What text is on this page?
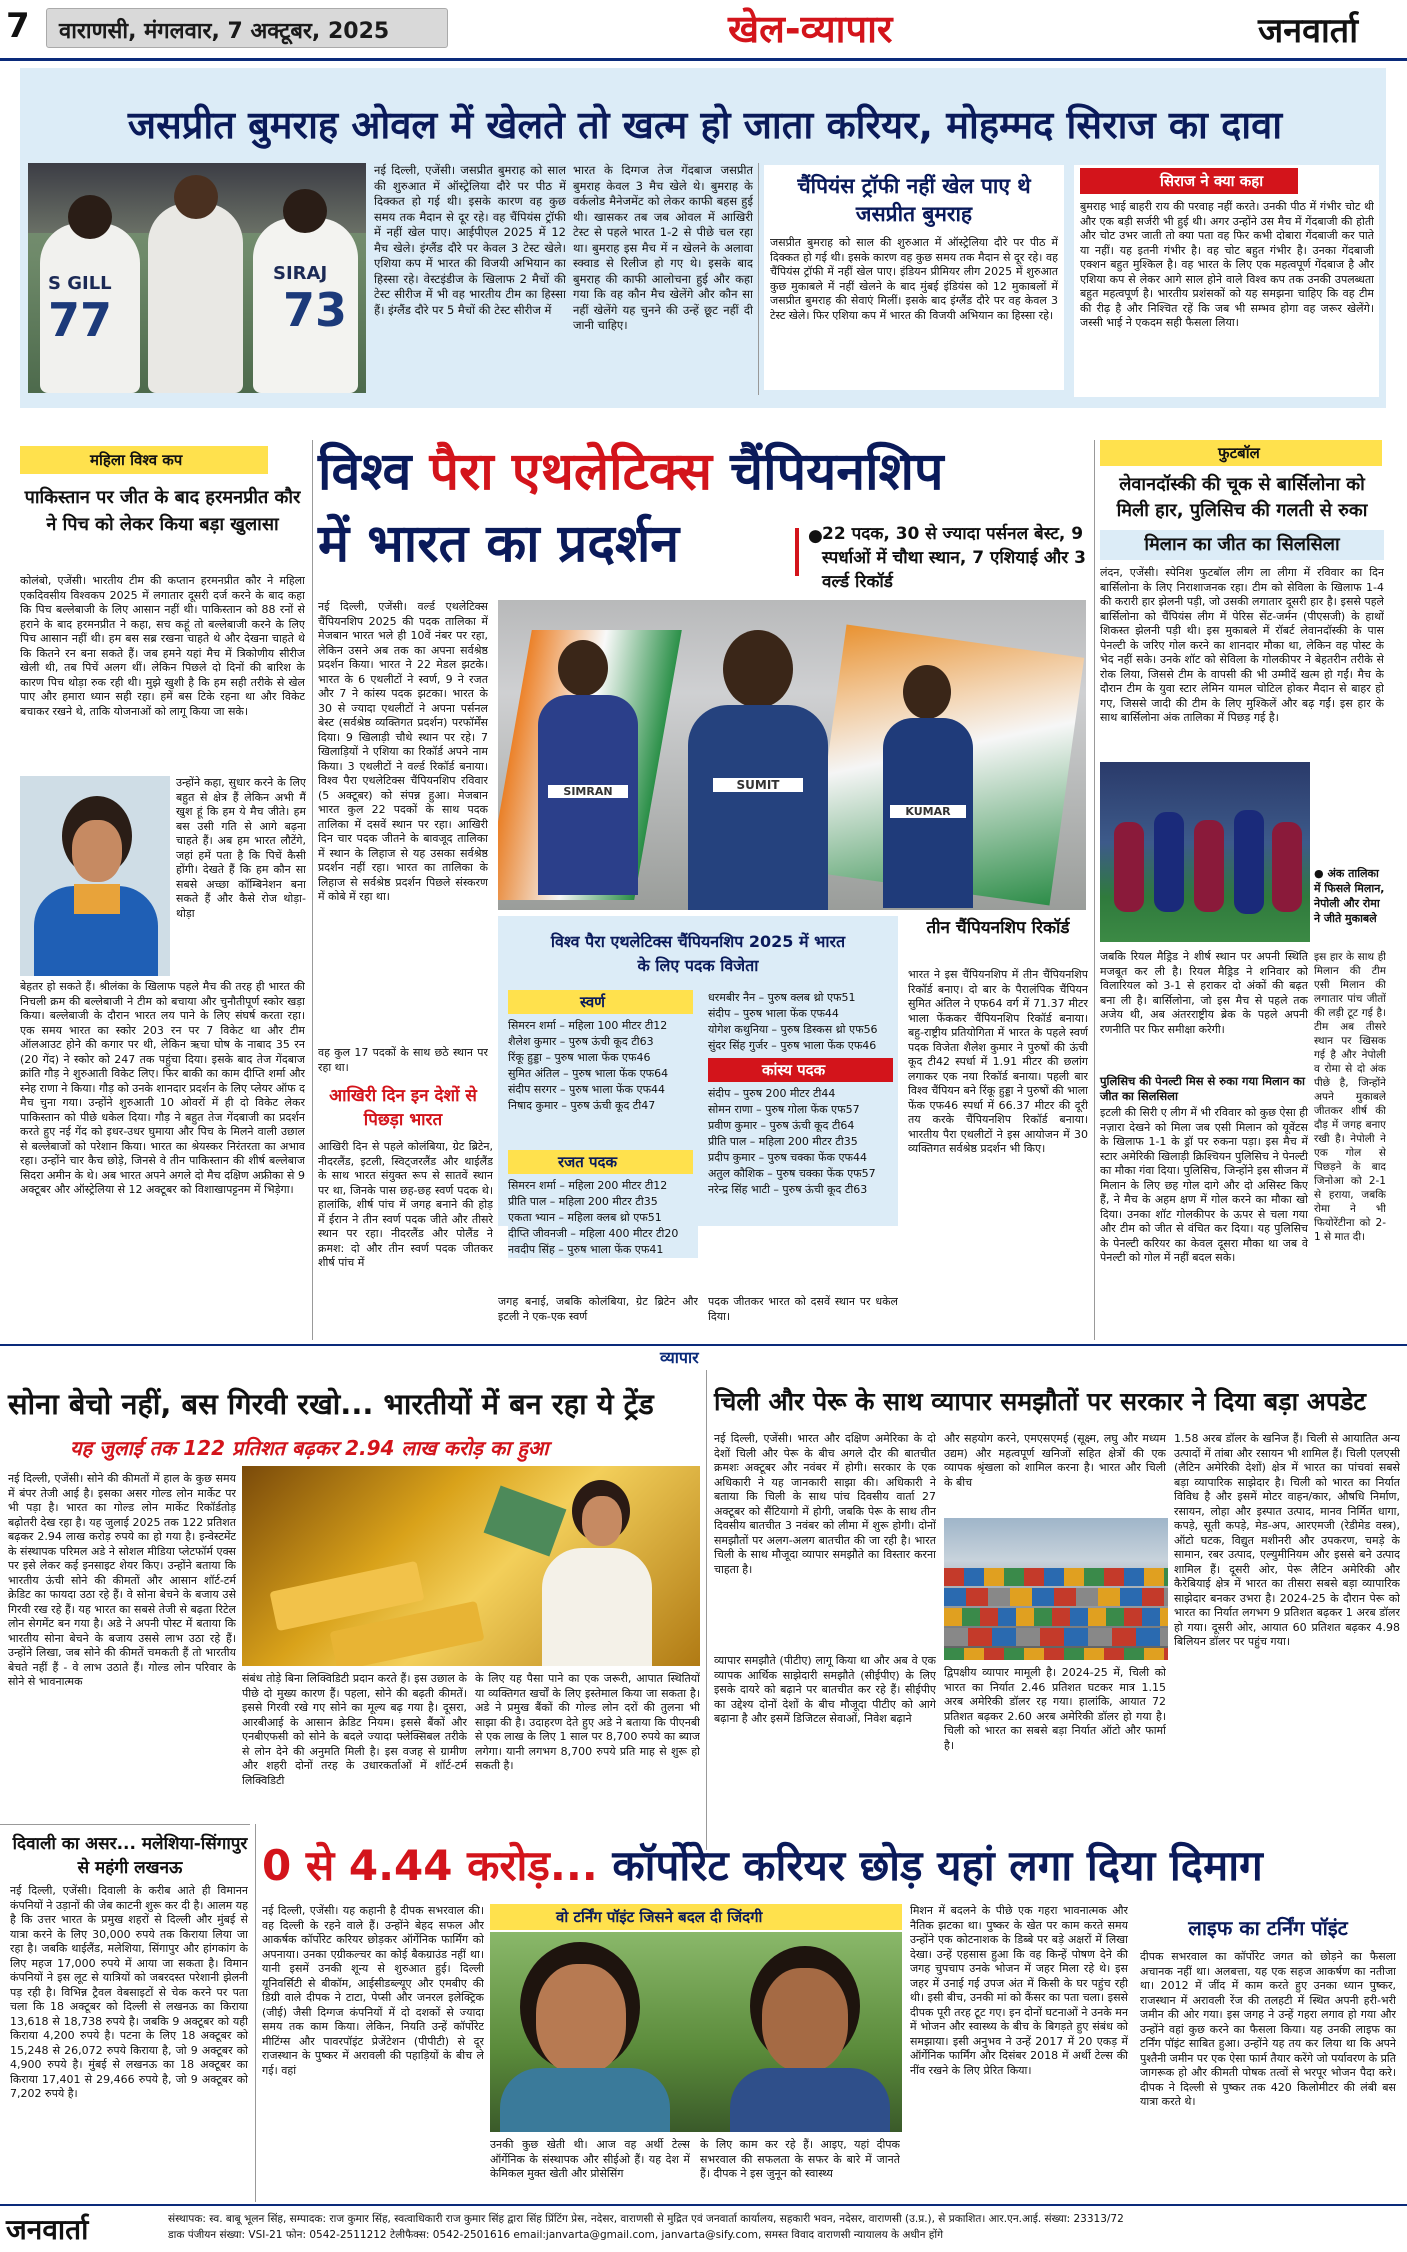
7 वाराणसी, मंगलवार, 7 अक्टूबर, 2025	खेल-व्यापार	जनवार्ता
जसप्रीत बुमराह ओवल में खेलते तो खत्म हो जाता करियर, मोहम्मद सिराज का दावा
S GILL
77
SIRAJ
73
नई दिल्ली, एजेंसी। जसप्रीत बुमराह को साल की शुरुआत में ऑस्ट्रेलिया दौरे पर पीठ में दिक्कत हो गई थी। इसके कारण वह कुछ समय तक मैदान से दूर रहे। वह चैंपियंस ट्रॉफी में नहीं खेल पाए। आईपीएल 2025 में 12 मैच खेले। इंग्लैंड दौरे पर केवल 3 टेस्ट खेले। एशिया कप में भारत की विजयी अभियान का हिस्सा रहे। वेस्टइंडीज के खिलाफ 2 मैचों की टेस्ट सीरीज में भी वह भारतीय टीम का हिस्सा हैं। इंग्लैंड दौरे पर 5 मैचों की टेस्ट सीरीज में
भारत के दिग्गज तेज गेंदबाज जसप्रीत बुमराह केवल 3 मैच खेले थे। बुमराह के वर्कलोड मैनेजमेंट को लेकर काफी बहस हुई थी। खासकर तब जब ओवल में आखिरी टेस्ट से पहले भारत 1-2 से पीछे चल रहा था। बुमराह इस मैच में न खेलने के अलावा स्क्वाड से रिलीज हो गए थे। इसके बाद बुमराह की काफी आलोचना हुई और कहा गया कि वह कौन मैच खेलेंगे और कौन सा नहीं खेलेंगे यह चुनने की उन्हें छूट नहीं दी जानी चाहिए।
चैंपियंस ट्रॉफी नहीं खेल पाए थे जसप्रीत बुमराह
जसप्रीत बुमराह को साल की शुरुआत में ऑस्ट्रेलिया दौरे पर पीठ में दिक्कत हो गई थी। इसके कारण वह कुछ समय तक मैदान से दूर रहे। वह चैंपियंस ट्रॉफी में नहीं खेल पाए। इंडियन प्रीमियर लीग 2025 में शुरुआत कुछ मुकाबले में नहीं खेलने के बाद मुंबई इंडियंस को 12 मुकाबलों में जसप्रीत बुमराह की सेवाएं मिलीं। इसके बाद इंग्लैंड दौरे पर वह केवल 3 टेस्ट खेले। फिर एशिया कप में भारत की विजयी अभियान का हिस्सा रहे।
सिराज ने क्या कहा
बुमराह भाई बाहरी राय की परवाह नहीं करते। उनकी पीठ में गंभीर चोट थी और एक बड़ी सर्जरी भी हुई थी। अगर उन्होंने उस मैच में गेंदबाजी की होती और चोट उभर जाती तो क्या पता वह फिर कभी दोबारा गेंदबाजी कर पाते या नहीं। यह इतनी गंभीर है। वह चोट बहुत गंभीर है। उनका गेंदबाजी एक्शन बहुत मुश्किल है। वह भारत के लिए एक महत्वपूर्ण गेंदबाज है और एशिया कप से लेकर आगे साल होने वाले विश्व कप तक उनकी उपलब्धता बहुत महत्वपूर्ण है। भारतीय प्रशंसकों को यह समझना चाहिए कि वह टीम की रीढ़ है और निश्चित रहें कि जब भी सम्भव होगा वह जरूर खेलेंगे। जस्सी भाई ने एकदम सही फैसला लिया।
महिला विश्व कप
पाकिस्तान पर जीत के बाद हरमनप्रीत कौर ने पिच को लेकर किया बड़ा खुलासा
कोलंबो, एजेंसी। भारतीय टीम की कप्तान हरमनप्रीत कौर ने महिला एकदिवसीय विश्वकप 2025 में लगातार दूसरी दर्ज करने के बाद कहा कि पिच बल्लेबाजी के लिए आसान नहीं थी। पाकिस्तान को 88 रनों से हराने के बाद हरमनप्रीत ने कहा, सच कहूं तो बल्लेबाजी करने के लिए पिच आसान नहीं थी। हम बस सब्र रखना चाहते थे और देखना चाहते थे कि कितने रन बना सकते हैं। जब हमने यहां मैच में त्रिकोणीय सीरीज खेली थी, तब पिचें अलग थीं। लेकिन पिछले दो दिनों की बारिश के कारण पिच थोड़ा रुक रही थी। मुझे खुशी है कि हम सही तरीके से खेल पाए और हमारा ध्यान सही रहा। हमें बस टिके रहना था और विकेट बचाकर रखने थे, ताकि योजनाओं को लागू किया जा सके।
उन्होंने कहा, सुधार करने के लिए बहुत से क्षेत्र हैं लेकिन अभी मैं खुश हूं कि हम ये मैच जीते। हम बस उसी गति से आगे बढ़ना चाहते हैं। अब हम भारत लौटेंगे, जहां हमें पता है कि पिचें कैसी होंगी। देखते हैं कि हम कौन सा सबसे अच्छा कॉम्बिनेशन बना सकते हैं और कैसे रोज थोड़ा-थोड़ा
बेहतर हो सकते हैं। श्रीलंका के खिलाफ पहले मैच की तरह ही भारत की निचली क्रम की बल्लेबाजी ने टीम को बचाया और चुनौतीपूर्ण स्कोर खड़ा किया। बल्लेबाजी के दौरान भारत लय पाने के लिए संघर्ष करता रहा। एक समय भारत का स्कोर 203 रन पर 7 विकेट था और टीम ऑलआउट होने की कगार पर थी, लेकिन ऋचा घोष के नाबाद 35 रन (20 गेंद) ने स्कोर को 247 तक पहुंचा दिया। इसके बाद तेज गेंदबाज क्रांति गौड़ ने शुरुआती विकेट लिए। फिर बाकी का काम दीप्ति शर्मा और स्नेह राणा ने किया। गौड़ को उनके शानदार प्रदर्शन के लिए प्लेयर ऑफ द मैच चुना गया। उन्होंने शुरुआती 10 ओवरों में ही दो विकेट लेकर पाकिस्तान को पीछे धकेल दिया। गौड़ ने बहुत तेज गेंदबाजी का प्रदर्शन करते हुए नई गेंद को इधर-उधर घुमाया और पिच के मिलने वाली उछाल से बल्लेबाजों को परेशान किया। भारत का श्रेयस्कर निरंतरता का अभाव रहा। उन्होंने चार कैच छोड़े, जिनसे वे तीन पाकिस्तान की शीर्ष बल्लेबाज सिदरा अमीन के थे। अब भारत अपने अगले दो मैच दक्षिण अफ्रीका से 9 अक्टूबर और ऑस्ट्रेलिया से 12 अक्टूबर को विशाखापट्टनम में भिड़ेगा।
विश्व पैरा एथलेटिक्स चैंपियनशिप
में भारत का प्रदर्शन	● 22 पदक, 30 से ज्यादा पर्सनल बेस्ट, 9 स्पर्धाओं में चौथा स्थान, 7 एशियाई और 3 वर्ल्ड रिकॉर्ड
नई दिल्ली, एजेंसी। वर्ल्ड एथलेटिक्स चैंपियनशिप 2025 की पदक तालिका में मेजबान भारत भले ही 10वें नंबर पर रहा, लेकिन उसने अब तक का अपना सर्वश्रेष्ठ प्रदर्शन किया। भारत ने 22 मेडल झटके। भारत के 6 एथलीटों ने स्वर्ण, 9 ने रजत और 7 ने कांस्य पदक झटका। भारत के 30 से ज्यादा एथलीटों ने अपना पर्सनल बेस्ट (सर्वश्रेष्ठ व्यक्तिगत प्रदर्शन) परफॉर्मेंस दिया। 9 खिलाड़ी चौथे स्थान पर रहे। 7 खिलाड़ियों ने एशिया का रिकॉर्ड अपने नाम किया। 3 एथलीटों ने वर्ल्ड रिकॉर्ड बनाया। विश्व पैरा एथलेटिक्स चैंपियनशिप रविवार (5 अक्टूबर) को संपन्न हुआ। मेजबान भारत कुल 22 पदकों के साथ पदक तालिका में दसवें स्थान पर रहा। आखिरी दिन चार पदक जीतने के बावजूद तालिका में स्थान के लिहाज से यह उसका सर्वश्रेष्ठ प्रदर्शन नहीं रहा। भारत का तालिका के लिहाज से सर्वश्रेष्ठ प्रदर्शन पिछले संस्करण में कोबे में रहा था।
वह कुल 17 पदकों के साथ छठे स्थान पर रहा था।
SIMRAN	SUMIT
KUMAR
विश्व पैरा एथलेटिक्स चैंपियनशिप 2025 में भारत के लिए पदक विजेता
स्वर्ण
सिमरन शर्मा – महिला 100 मीटर टी12
शैलेश कुमार – पुरुष ऊंची कूद टी63
रिंकू हुड्डा – पुरुष भाला फेंक एफ46
सुमित अंतिल – पुरुष भाला फेंक एफ64
संदीप सरगर – पुरुष भाला फेंक एफ44
निषाद कुमार – पुरुष ऊंची कूद टी47
रजत पदक
सिमरन शर्मा – महिला 200 मीटर टी12
प्रीति पाल – महिला 200 मीटर टी35
एकता भ्यान – महिला क्लब थ्रो एफ51
दीप्ति जीवनजी – महिला 400 मीटर टी20
नवदीप सिंह – पुरुष भाला फेंक एफ41
धरमबीर नैन – पुरुष क्लब थ्रो एफ51
संदीप – पुरुष भाला फेंक एफ44
योगेश कथुनिया – पुरुष डिस्कस थ्रो एफ56
सुंदर सिंह गुर्जर – पुरुष भाला फेंक एफ46
कांस्य पदक
संदीप – पुरुष 200 मीटर टी44
सोमन राणा – पुरुष गोला फेंक एफ57
प्रवीण कुमार – पुरुष ऊंची कूद टी64
प्रीति पाल – महिला 200 मीटर टी35
प्रदीप कुमार – पुरुष चक्का फेंक एफ44
अतुल कौशिक – पुरुष चक्का फेंक एफ57
नरेन्द्र सिंह भाटी – पुरुष ऊंची कूद टी63
आखिरी दिन इन देशों से पिछड़ा भारत
आखिरी दिन से पहले कोलंबिया, ग्रेट ब्रिटेन, नीदरलैंड, इटली, स्विट्जरलैंड और थाईलैंड के साथ भारत संयुक्त रूप से सातवें स्थान पर था, जिनके पास छह-छह स्वर्ण पदक थे। हालांकि, शीर्ष पांच में जगह बनाने की होड़ में ईरान ने तीन स्वर्ण पदक जीते और तीसरे स्थान पर रहा। नीदरलैंड और पोलैंड ने क्रमश: दो और तीन स्वर्ण पदक जीतकर शीर्ष पांच में
जगह बनाई, जबकि कोलंबिया, ग्रेट ब्रिटेन और इटली ने एक-एक स्वर्ण
पदक जीतकर भारत को दसवें स्थान पर धकेल दिया।
तीन चैंपियनशिप रिकॉर्ड
भारत ने इस चैंपियनशिप में तीन चैंपियनशिप रिकॉर्ड बनाए। दो बार के पैरालंपिक चैंपियन सुमित अंतिल ने एफ64 वर्ग में 71.37 मीटर भाला फेंककर चैंपियनशिप रिकॉर्ड बनाया। बहु-राष्ट्रीय प्रतियोगिता में भारत के पहले स्वर्ण पदक विजेता शैलेश कुमार ने पुरुषों की ऊंची कूद टी42 स्पर्धा में 1.91 मीटर की छलांग लगाकर एक नया रिकॉर्ड बनाया। पहली बार विश्व चैंपियन बने रिंकू हुड्डा ने पुरुषों की भाला फेंक एफ46 स्पर्धा में 66.37 मीटर की दूरी तय करके चैंपियनशिप रिकॉर्ड बनाया। भारतीय पैरा एथलीटों ने इस आयोजन में 30 व्यक्तिगत सर्वश्रेष्ठ प्रदर्शन भी किए।
फुटबॉल
लेवानदॉस्की की चूक से बार्सिलोना को मिली हार, पुलिसिच की गलती से रुका
मिलान का जीत का सिलसिला
लंदन, एजेंसी। स्पेनिश फुटबॉल लीग ला लीगा में रविवार का दिन बार्सिलोना के लिए निराशाजनक रहा। टीम को सेविला के खिलाफ 1-4 की करारी हार झेलनी पड़ी, जो उसकी लगातार दूसरी हार है। इससे पहले बार्सिलोना को चैंपियंस लीग में पेरिस सेंट-जर्मन (पीएसजी) के हाथों शिकस्त झेलनी पड़ी थी। इस मुकाबले में रॉबर्ट लेवानदॉस्की के पास पेनल्टी के जरिए गोल करने का शानदार मौका था, लेकिन वह पोस्ट के भेद नहीं सके। उनके शॉट को सेविला के गोलकीपर ने बेहतरीन तरीके से रोक लिया, जिससे टीम के वापसी की भी उम्मीदें खत्म हो गईं। मैच के दौरान टीम के युवा स्टार लेमिन यामल चोटिल होकर मैदान से बाहर हो गए, जिससे जादी की टीम के लिए मुश्किलें और बढ़ गईं। इस हार के साथ बार्सिलोना अंक तालिका में पिछड़ गई है।
● अंक तालिका में फिसले मिलान, नेपोली और रोमा ने जीते मुकाबले
इस हार के साथ ही मिलान की टीम एसी मिलान की लगातार पांच जीतों की लड़ी टूट गई है। टीम अब तीसरे स्थान पर खिसक गई है और नेपोली व रोमा से दो अंक पीछे है, जिन्होंने अपने मुकाबले जीतकर शीर्ष की दौड़ में जगह बनाए रखी है। नेपोली ने एक गोल से पिछड़ने के बाद जिनोआ को 2-1 से हराया, जबकि रोमा ने भी फियोरेंटीना को 2-1 से मात दी।
जबकि रियल मैड्रिड ने शीर्ष स्थान पर अपनी स्थिति मजबूत कर ली है। रियल मैड्रिड ने शनिवार को विलारियल को 3-1 से हराकर दो अंकों की बढ़त बना ली है। बार्सिलोना, जो इस मैच से पहले तक अजेय थी, अब अंतरराष्ट्रीय ब्रेक के पहले अपनी रणनीति पर फिर समीक्षा करेगी।
पुलिसिच की पेनल्टी मिस से रुका गया मिलान का जीत का सिलसिला
इटली की सिरी ए लीग में भी रविवार को कुछ ऐसा ही नज़ारा देखने को मिला जब एसी मिलान को यूवेंटस के खिलाफ 1-1 के ड्रॉ पर रुकना पड़ा। इस मैच में स्टार अमेरिकी खिलाड़ी क्रिश्चियन पुलिसिच ने पेनल्टी का मौका गंवा दिया। पुलिसिच, जिन्होंने इस सीजन में मिलान के लिए छह गोल दागे और दो असिस्ट किए हैं, ने मैच के अहम क्षण में गोल करने का मौका खो दिया। उनका शॉट गोलकीपर के ऊपर से चला गया और टीम को जीत से वंचित कर दिया। यह पुलिसिच के पेनल्टी करियर का केवल दूसरा मौका था जब वे पेनल्टी को गोल में नहीं बदल सके।
व्यापार
सोना बेचो नहीं, बस गिरवी रखो... भारतीयों में बन रहा ये ट्रेंड
यह जुलाई तक 122 प्रतिशत बढ़कर 2.94 लाख करोड़ का हुआ
नई दिल्ली, एजेंसी। सोने की कीमतों में हाल के कुछ समय में बंपर तेजी आई है। इसका असर गोल्ड लोन मार्केट पर भी पड़ा है। भारत का गोल्ड लोन मार्केट रिकॉर्डतोड़ बढ़ोतरी देख रहा है। यह जुलाई 2025 तक 122 प्रतिशत बढ़कर 2.94 लाख करोड़ रुपये का हो गया है। इन्वेस्टमेंट के संस्थापक परिमल अडे ने सोशल मीडिया प्लेटफॉर्म एक्स पर इसे लेकर कई इनसाइट शेयर किए। उन्होंने बताया कि भारतीय ऊंची सोने की कीमतों और आसान शॉर्ट-टर्म क्रेडिट का फायदा उठा रहे हैं। वे सोना बेचने के बजाय उसे गिरवी रख रहे हैं। यह भारत का सबसे तेजी से बढ़ता रिटेल लोन सेगमेंट बन गया है। अडे ने अपनी पोस्ट में बताया कि भारतीय सोना बेचने के बजाय उससे लाभ उठा रहे हैं। उन्होंने लिखा, जब सोने की कीमतें चमकती हैं तो भारतीय बेचते नहीं हैं - वे लाभ उठाते हैं। गोल्ड लोन परिवार के सोने से भावनात्मक	संबंध तोड़े बिना लिक्विडिटी प्रदान करते हैं। इस उछाल के पीछे दो मुख्य कारण हैं। पहला, सोने की बढ़ती कीमतें। इससे गिरवी रखे गए सोने का मूल्य बढ़ गया है। दूसरा, आरबीआई के आसान क्रेडिट नियम। इससे बैंकों और एनबीएफसी को सोने के बदले ज्यादा फ्लेक्सिबल तरीके से लोन देने की अनुमति मिली है। इस वजह से ग्रामीण और शहरी दोनों तरह के उधारकर्ताओं में शॉर्ट-टर्म लिक्विडिटी
के लिए यह पैसा पाने का एक जरूरी, आपात स्थितियों या व्यक्तिगत खर्चों के लिए इस्तेमाल किया जा सकता है। अडे ने प्रमुख बैंकों की गोल्ड लोन दरों की तुलना भी साझा की है। उदाहरण देते हुए अडे ने बताया कि पीएनबी से एक लाख के लिए 1 साल पर 8,700 रुपये का ब्याज लगेगा। यानी लगभग 8,700 रुपये प्रति माह से शुरू हो सकती है।
चिली और पेरू के साथ व्यापार समझौतों पर सरकार ने दिया बड़ा अपडेट
नई दिल्ली, एजेंसी। भारत और दक्षिण अमेरिका के दो देशों चिली और पेरू के बीच अगले दौर की बातचीत क्रमशः अक्टूबर और नवंबर में होगी। सरकार के एक अधिकारी ने यह जानकारी साझा की। अधिकारी ने बताया कि चिली के साथ पांच दिवसीय वार्ता 27 अक्टूबर को सैंटियागो में होगी, जबकि पेरू के साथ तीन दिवसीय बातचीत 3 नवंबर को लीमा में शुरू होगी। दोनों समझौतों पर अलग-अलग बातचीत की जा रही है। भारत चिली के साथ मौजूदा व्यापार समझौते का विस्तार करना चाहता है।
और सहयोग करने, एमएसएमई (सूक्ष्म, लघु और मध्यम उद्यम) और महत्वपूर्ण खनिजों सहित क्षेत्रों की एक व्यापक श्रृंखला को शामिल करना है। भारत और चिली के बीच
1.58 अरब डॉलर के खनिज हैं। चिली से आयातित अन्य उत्पादों में तांबा और रसायन भी शामिल हैं। चिली एलएसी (लैटिन अमेरिकी देशों) क्षेत्र में भारत का पांचवां सबसे बड़ा व्यापारिक साझेदार है। चिली को भारत का निर्यात विविध है और इसमें मोटर वाहन/कार, औषधि निर्माण, रसायन, लोहा और इस्पात उत्पाद, मानव निर्मित धागा, कपड़े, सूती कपड़े, मेड-अप, आरएमजी (रेडीमेड वस्त्र), ऑटो घटक, विद्युत मशीनरी और उपकरण, चमड़े के सामान, रबर उत्पाद, एल्युमीनियम और इससे बने उत्पाद शामिल हैं। दूसरी ओर, पेरू लैटिन अमेरिकी और कैरेबियाई क्षेत्र में भारत का तीसरा सबसे बड़ा व्यापारिक साझेदार बनकर उभरा है। 2024-25 के दौरान पेरू को भारत का निर्यात लगभग 9 प्रतिशत बढ़कर 1 अरब डॉलर हो गया। दूसरी ओर, आयात 60 प्रतिशत बढ़कर 4.98 बिलियन डॉलर पर पहुंच गया।
व्यापार समझौते (पीटीए) लागू किया था और अब वे एक व्यापक आर्थिक साझेदारी समझौते (सीईपीए) के लिए इसके दायरे को बढ़ाने पर बातचीत कर रहे हैं। सीईपीए का उद्देश्य दोनों देशों के बीच मौजूदा पीटीए को आगे बढ़ाना है और इसमें डिजिटल सेवाओं, निवेश बढ़ाने
द्विपक्षीय व्यापार मामूली है। 2024-25 में, चिली को भारत का निर्यात 2.46 प्रतिशत घटकर मात्र 1.15 अरब अमेरिकी डॉलर रह गया। हालांकि, आयात 72 प्रतिशत बढ़कर 2.60 अरब अमेरिकी डॉलर हो गया है। चिली को भारत का सबसे बड़ा निर्यात ऑटो और फार्मा है।
दिवाली का असर... मलेशिया-सिंगापुर से महंगी लखनऊ
नई दिल्ली, एजेंसी। दिवाली के करीब आते ही विमानन कंपनियों ने उड़ानों की जेब काटनी शुरू कर दी है। आलम यह है कि उत्तर भारत के प्रमुख शहरों से दिल्ली और मुंबई से यात्रा करने के लिए 30,000 रुपये तक किराया लिया जा रहा है। जबकि थाईलैंड, मलेशिया, सिंगापुर और हांगकांग के लिए महज 17,000 रुपये में आया जा सकता है। विमान कंपनियों ने इस लूट से यात्रियों को जबरदस्त परेशानी झेलनी पड़ रही है। विभिन्न ट्रैवल वेबसाइटों से चेक करने पर पता चला कि 18 अक्टूबर को दिल्ली से लखनऊ का किराया 13,618 से 18,738 रुपये है। जबकि 9 अक्टूबर को यही किराया 4,200 रुपये है। पटना के लिए 18 अक्टूबर को 15,248 से 26,072 रुपये किराया है, जो 9 अक्टूबर को 4,900 रुपये है। मुंबई से लखनऊ का 18 अक्टूबर का किराया 17,401 से 29,466 रुपये है, जो 9 अक्टूबर को 7,202 रुपये है।
0 से 4.44 करोड़... कॉर्पोरेट करियर छोड़ यहां लगा दिया दिमाग
नई दिल्ली, एजेंसी। यह कहानी है दीपक सभरवाल की। वह दिल्ली के रहने वाले हैं। उन्होंने बेहद सफल और आकर्षक कॉर्पोरेट करियर छोड़कर ऑर्गेनिक फार्मिंग को अपनाया। उनका एग्रीकल्चर का कोई बैकग्राउंड नहीं था। यानी इसमें उनकी शून्य से शुरुआत हुई। दिल्ली यूनिवर्सिटी से बीकॉम, आईसीडब्ल्यूए और एमबीए की डिग्री वाले दीपक ने टाटा, पेप्सी और जनरल इलेक्ट्रिक (जीई) जैसी दिग्गज कंपनियों में दो दशकों से ज्यादा समय तक काम किया। लेकिन, नियति उन्हें कॉर्पोरेट मीटिंग्स और पावरपॉइंट प्रेजेंटेशन (पीपीटी) से दूर राजस्थान के पुष्कर में अरावली की पहाड़ियों के बीच ले गई। वहां
वो टर्निंग पॉइंट जिसने बदल दी जिंदगी
उनकी कुछ खेती थी। आज वह अर्थी टेल्स ऑर्गेनिक के संस्थापक और सीईओ हैं। यह देश में केमिकल मुक्त खेती और प्रोसेसिंग
के लिए काम कर रहे हैं। आइए, यहां दीपक सभरवाल की सफलता के सफर के बारे में जानते हैं। दीपक ने इस जुनून को स्वास्थ्य
मिशन में बदलने के पीछे एक गहरा भावनात्मक और नैतिक झटका था। पुष्कर के खेत पर काम करते समय उन्होंने एक कोटनाशक के डिब्बे पर बड़े अक्षरों में लिखा देखा। उन्हें एहसास हुआ कि वह किन्हें पोषण देने की जगह चुपचाप उनके भोजन में जहर मिला रहे थे। इस जहर में उनाई गई उपज अंत में किसी के घर पहुंच रही थी। इसी बीच, उनकी मां को कैंसर का पता चला। इससे दीपक पूरी तरह टूट गए। इन दोनों घटनाओं ने उनके मन में भोजन और स्वास्थ्य के बीच के बिगड़ते हुए संबंध को समझाया। इसी अनुभव ने उन्हें 2017 में 20 एकड़ में ऑर्गेनिक फार्मिंग और दिसंबर 2018 में अर्थी टेल्स की नींव रखने के लिए प्रेरित किया।
लाइफ का टर्निंग पॉइंट
दीपक सभरवाल का कॉर्पोरेट जगत को छोड़ने का फैसला अचानक नहीं था। अलबत्ता, यह एक सहज आकर्षण का नतीजा था। 2012 में जींद में काम करते हुए उनका ध्यान पुष्कर, राजस्थान में अरावली रेंज की तलहटी में स्थित अपनी हरी-भरी जमीन की ओर गया। इस जगह ने उन्हें गहरा लगाव हो गया और उन्होंने वहां कुछ करने का फैसला किया। यह उनकी लाइफ का टर्निंग पॉइंट साबित हुआ। उन्होंने यह तय कर लिया था कि अपने पुश्तैनी जमीन पर एक ऐसा फार्म तैयार करेंगे जो पर्यावरण के प्रति जागरूक हो और कीमती पोषक तत्वों से भरपूर भोजन पैदा करे। दीपक ने दिल्ली से पुष्कर तक 420 किलोमीटर की लंबी बस यात्रा करते थे।
जनवार्ता	संस्थापक: स्व. बाबू भूलन सिंह, सम्पादक: राज कुमार सिंह, स्वत्वाधिकारी राज कुमार सिंह द्वारा सिंह प्रिंटिंग प्रेस, नदेसर, वाराणसी से मुद्रित एवं जनवार्ता कार्यालय, सहकारी भवन, नदेसर, वाराणसी (उ.प्र.), से प्रकाशित। आर.एन.आई. संख्या: 23313/72
डाक पंजीयन संख्या: VSI-21 फोन: 0542-2511212 टेलीफैक्स: 0542-2501616 email:janvarta@gmail.com, janvarta@sify.com, समस्त विवाद वाराणसी न्यायालय के अधीन होंगे
